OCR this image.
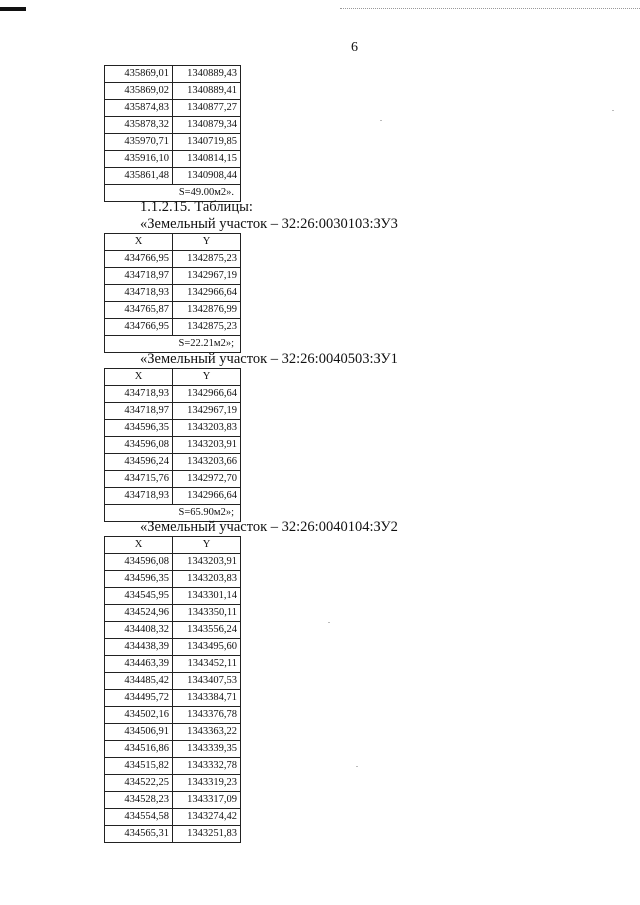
6
435869,01	1340889,43
435869,02	1340889,41
435874,83	1340877,27
435878,32	1340879,34
435970,71	1340719,85
435916,10	1340814,15
435861,48	1340908,44
S=49.00м2».	
1.1.2.15. Таблицы:
«Земельный участок – 32:26:0030103:ЗУ3
X	Y
434766,95	1342875,23
434718,97	1342967,19
434718,93	1342966,64
434765,87	1342876,99
434766,95	1342875,23
S=22.21м2»;	
«Земельный участок – 32:26:0040503:ЗУ1
X	Y
434718,93	1342966,64
434718,97	1342967,19
434596,35	1343203,83
434596,08	1343203,91
434596,24	1343203,66
434715,76	1342972,70
434718,93	1342966,64
S=65.90м2»;	
«Земельный участок – 32:26:0040104:ЗУ2
X	Y
434596,08	1343203,91
434596,35	1343203,83
434545,95	1343301,14
434524,96	1343350,11
434408,32	1343556,24
434438,39	1343495,60
434463,39	1343452,11
434485,42	1343407,53
434495,72	1343384,71
434502,16	1343376,78
434506,91	1343363,22
434516,86	1343339,35
434515,82	1343332,78
434522,25	1343319,23
434528,23	1343317,09
434554,58	1343274,42
434565,31	1343251,83
